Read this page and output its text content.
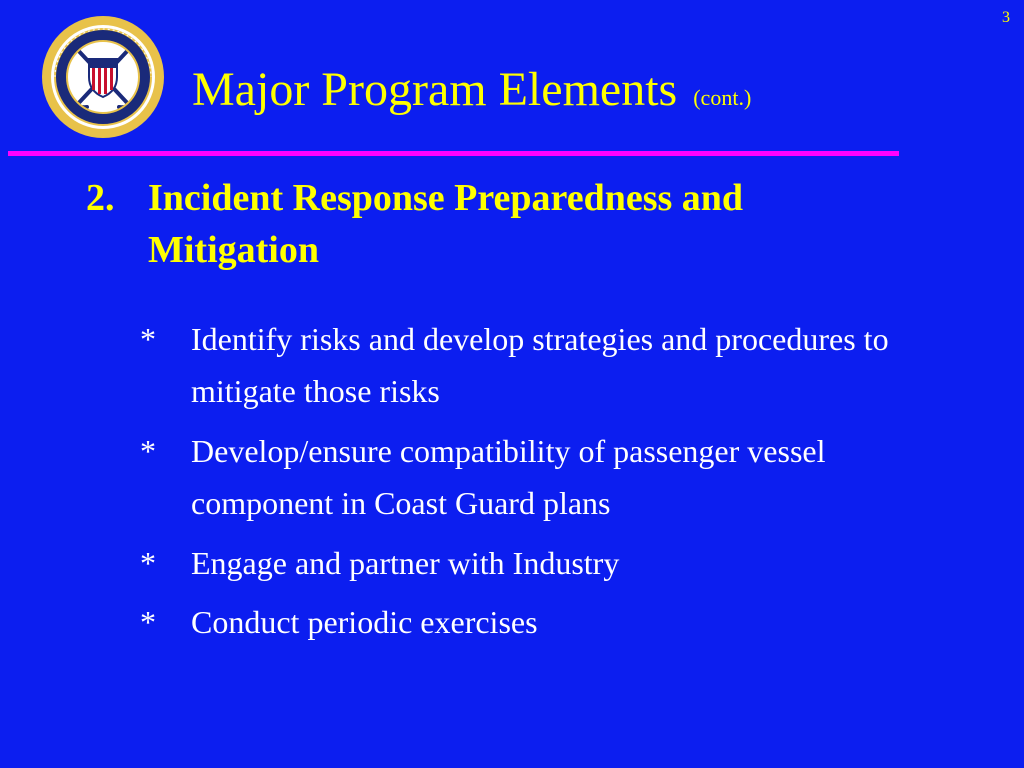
3
Major Program Elements (cont.)
2. Incident Response Preparedness and Mitigation
* Identify risks and develop strategies and procedures to mitigate those risks
* Develop/ensure compatibility of passenger vessel component in Coast Guard plans
* Engage and partner with Industry
* Conduct periodic exercises
